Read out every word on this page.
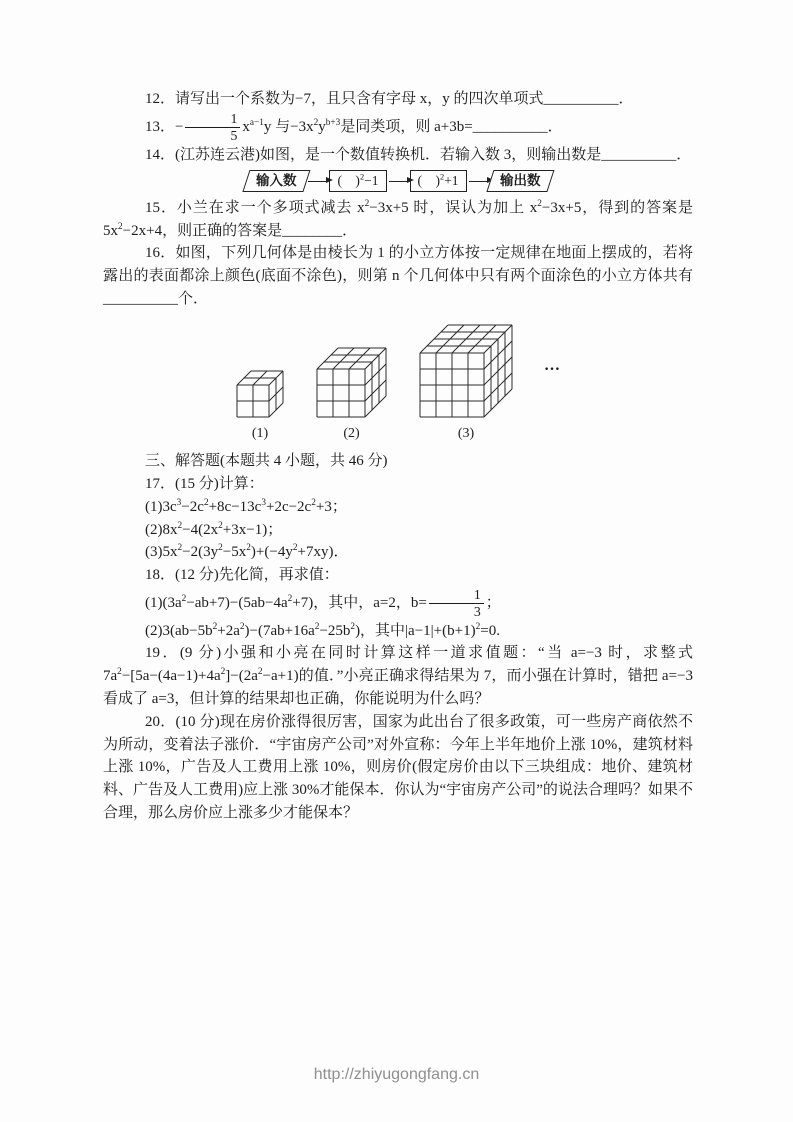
12．请写出一个系数为−7，且只含有字母 x，y 的四次单项式__________．

13．− $\frac{1}{5} x^{a-1}y$ 与$-3x^2y^{b+3}$是同类项，则 a+3b=__________．

14．(江苏连云港)如图，是一个数值转换机．若输入数 3，则输出数是__________．

输入数	(　)$^2$−1	(　)$^2$+1	输出数

15．小兰在求一个多项式减去 $x^2-3x+5$ 时，误认为加上 $x^2-3x+5$，得到的答案是 $5x^2-2x+4$，则正确的答案是________．

16．如图，下列几何体是由棱长为 1 的小立方体按一定规律在地面上摆成的，若将露出的表面都涂上颜色(底面不涂色)，则第 n 个几何体中只有两个面涂色的小立方体共有__________个．

(1)	(2)	(3)
…

三、解答题(本题共 4 小题，共 46 分)

17．(15 分)计算：

$(1)3c^3-2c^2+8c-13c^3+2c-2c^2+3$；

$(2)8x^2-4(2x^2+3x-1)$；

$(3)5x^2-2(3y^2-5x^2)+(-4y^2+7xy)$．

18．(12 分)先化简，再求值：

$(1)(3a^2-ab+7)-(5ab-4a^2+7)$，其中，a=2，$b= \frac{1}{3}$ ；

$(2)3(ab-5b^2+2a^2)-(7ab+16a^2-25b^2)$，其中$|a-1|+(b+1)^2=0$.

19．(9 分)小强和小亮在同时计算这样一道求值题：“当 a=−3 时，求整式 $7a^2-[5a-(4a-1)+4a^2]-(2a^2-a+1)$的值．”小亮正确求得结果为 7，而小强在计算时，错把 a=−3 看成了 a=3，但计算的结果却也正确，你能说明为什么吗？

20．(10 分)现在房价涨得很厉害，国家为此出台了很多政策，可一些房产商依然不为所动，变着法子涨价．“宇宙房产公司”对外宣称：今年上半年地价上涨 10%，建筑材料上涨 10%，广告及人工费用上涨 10%，则房价(假定房价由以下三块组成：地价、建筑材料、广告及人工费用)应上涨 30%才能保本．你认为“宇宙房产公司”的说法合理吗？如果不合理，那么房价应上涨多少才能保本？

http://zhiyugongfang.cn
